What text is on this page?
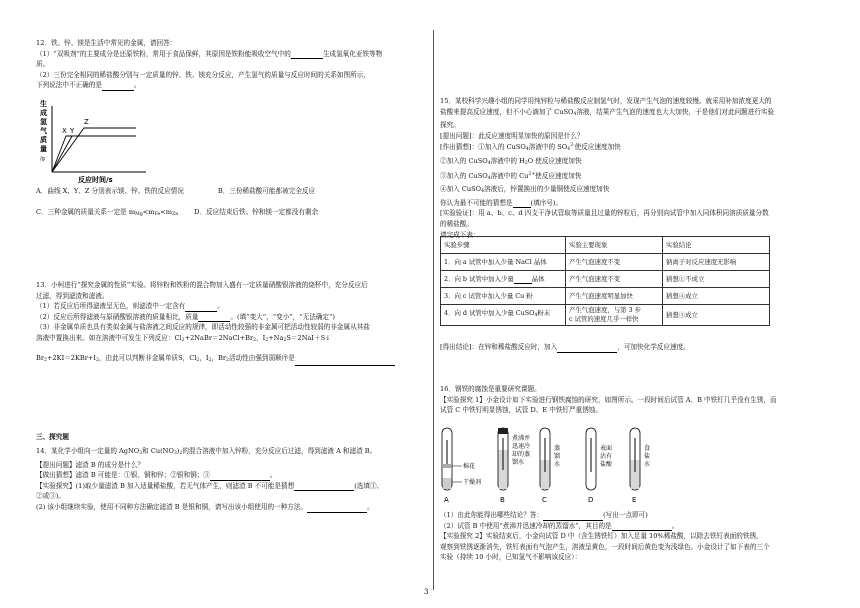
12．铁、锌、镁是生活中常见的金属，请回答：

（1）“双吸剂”的主要成分是还原铁粉，常用于食品保鲜，其原因是铁粉能吸收空气中的	生成氢氧化亚铁等物

质。

（2）三份完全相同的稀盐酸分别与一定质量的锌、铁、镁充分反应，产生氢气的质量与反应时间的关系如图所示，

下列说法中不正确的是	。

生
成
氢
气
质
量
/g
X Y
Z
反应时间/s

A．曲线 X、Y、Z 分别表示镁、锌、铁的反应情况	B．三份稀盐酸可能都被完全反应

C．三种金属的质量关系一定是 $m_{Mg}<m_{Fe}<m_{Zn}$ D．反应结束后铁、锌和镁一定都没有剩余

13．小柯进行“探究金属的性质”实验。将锌粉和铁粉的混合物加入盛有一定质量硝酸银溶液的烧杯中，充分反应后

过滤，得到滤渣和滤液。

（1）若反应后所得滤液呈无色，则滤渣中一定含有	。

（2）反应后所得滤液与原硝酸银溶液的质量相比，质量	。(填“变大”，“变小”，“无法确定”)

（3）非金属单质也具有类似金属与盐溶液之间反应的规律，即活动性较强的非金属可把活动性较弱的非金属从其盐

溶液中置换出来。如在溶液中可发生下列反应：$Cl_2+2NaBr=2NaCl+Br_2$，$I_2+Na_2S=2NaI+S↓$

$Br_2+2KI=2KBr+I_2$，由此可以判断非金属单质S，$Cl_2$，$I_2$，$Br_2$活动性由强到弱顺序是

三、探究题

14．某化学小组向一定量的 AgNO$_3$和 $Cu(NO_3)_2$的混合溶液中加入锌粉，充分反应后过滤，得到滤液 A 和滤渣 B。

【提出问题】滤渣 B 的成分是什么？

【做出猜想】滤渣 B 可能是：①银、铜和锌；②银和铜；③	。

【实验探究】(1)取少量滤渣 B 加入适量稀盐酸，若无气体产生，则滤渣 B 不可能是猜想	(选填①、

②或③)。

(2) 该小组继续实验，使用不同种方法确定滤渣 B 是银和铜，请写出该小组使用的一种方法。	。

15．某校科学兴趣小组的同学用纯锌粒与稀盐酸反应制氢气时，发现产生气泡的速度较慢。就采用补加浓度更大的

盐酸来提高反应速度，但不小心滴加了 CuSO$_4$溶液，结果产生气泡的速度也大大加快，于是他们对此问题进行实验

探究。

[提出问题]：此反应速度明显加快的原因是什么？

[作出猜想]：①加入的 CuSO$_4$溶液中的 $SO_4^{2-}$使反应速度加快

②加入的 CuSO$_4$溶液中的 $H_2O$ 使反应速度加快

③加入的 CuSO$_4$溶液中的 $Cu^{2+}$使反应速度加快

④加入 CuSO$_4$溶液后，锌置换出的少量铜使反应速度加快

你认为最不可能的猜想是	(填序号)。

[实验验证]：用 a、b、c、d 四支干净试管取等质量且过量的锌粒后，再分别向试管中加入同体积同溶质质量分数

的稀盐酸。

请完成下表：

实验步骤	实验主要现象	实验结论
1．向 a 试管中加入少量 NaCl 晶体	产生气泡速度不变	钠离子对反应速度无影响
2．向 b 试管中加入少量 晶体	产生气泡速度不变	猜想①不成立
3．向 c 试管中加入少量 Cu 粉	产生气泡速度明显加快	猜想④成立
4．向 d 试管中加入少量 CuSO$_4$粉末	产生气泡速度，与第 3 步
c 试管的速度几乎一样快	猜想③成立

[得出结论]：在锌和稀盐酸反应时，加入	，可加快化学反应速度。

16．钢铁的腐蚀是重要研究课题。

【实验探究 1】小金设计如下实验进行钢铁腐蚀的研究，如图所示。一段时间后试管 A、B 中铁钉几乎没有生锈，而

试管 C 中铁钉明显锈蚀，试管 D、E 中铁钉严重锈蚀。

棉花
干燥剂
A
煮沸并
迅速冷
却的蒸
馏水
B
蒸
馏
水
C
表面
沾有
盐酸
D
食
盐
水
E

（1）由此你能得出哪些结论？答：	(写出一点即可)

（2）试管 B 中使用“煮沸并迅速冷却的蒸馏水”，其目的是	。

【实验探究 2】实验结束后，小金向试管 D 中（含生锈铁钉）加入足量 10%稀盐酸，以除去铁钉表面的铁锈，

观察到铁锈逐渐消失，铁钉表面有气泡产生，溶液呈黄色，一段时间后黄色变为浅绿色。小金设计了如下表的三个

实验（持续 10 小时，已知氢气不影响该反应）：

3
